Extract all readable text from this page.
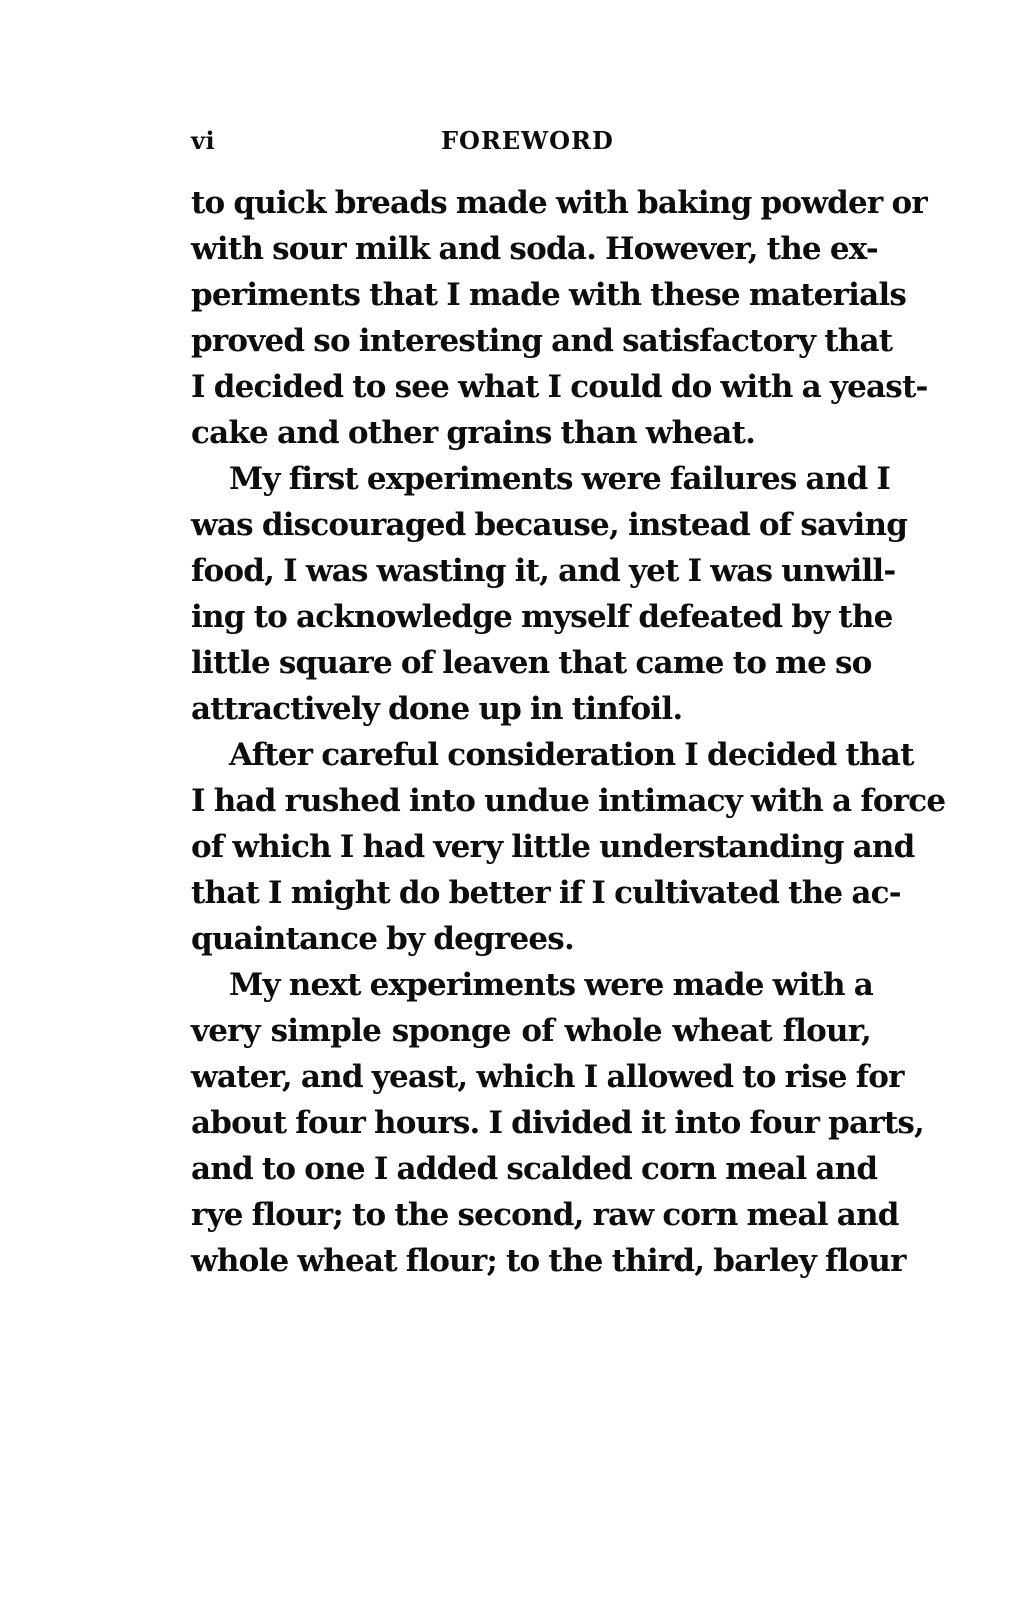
vi	FOREWORD
to quick breads made with baking powder or
with sour milk and soda. However, the ex-
periments that I made with these materials
proved so interesting and satisfactory that
I decided to see what I could do with a yeast-
cake and other grains than wheat.
My first experiments were failures and I
was discouraged because, instead of saving
food, I was wasting it, and yet I was unwill-
ing to acknowledge myself defeated by the
little square of leaven that came to me so
attractively done up in tinfoil.
After careful consideration I decided that
I had rushed into undue intimacy with a force
of which I had very little understanding and
that I might do better if I cultivated the ac-
quaintance by degrees.
My next experiments were made with a
very simple sponge of whole wheat flour,
water, and yeast, which I allowed to rise for
about four hours. I divided it into four parts,
and to one I added scalded corn meal and
rye flour; to the second, raw corn meal and
whole wheat flour; to the third, barley flour
